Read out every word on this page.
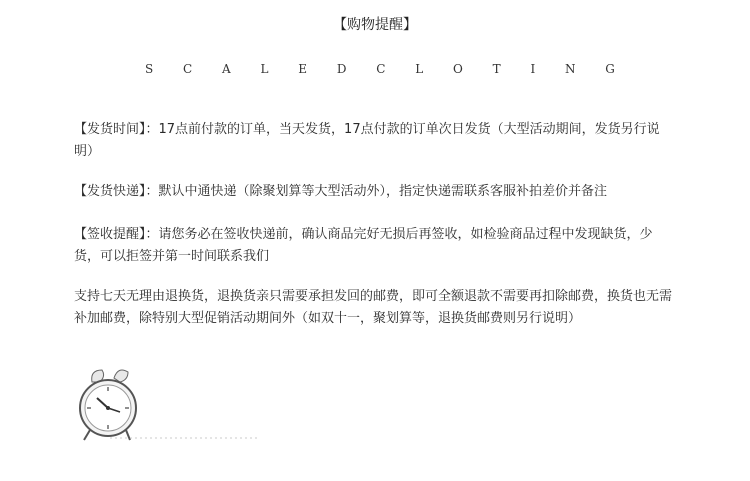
【购物提醒】
S C A L E D C L O T I N G
【发货时间】：17点前付款的订单，当天发货，17点付款的订单次日发货（大型活动期间，发货另行说明）
【发货快递】：默认中通快递（除聚划算等大型活动外），指定快递需联系客服补拍差价并备注
【签收提醒】：请您务必在签收快递前，确认商品完好无损后再签收，如检验商品过程中发现缺货，少货，可以拒签并第一时间联系我们
支持七天无理由退换货，退换货亲只需要承担发回的邮费，即可全额退款不需要再扣除邮费，换货也无需补加邮费，除特别大型促销活动期间外（如双十一，聚划算等，退换货邮费则另行说明）
